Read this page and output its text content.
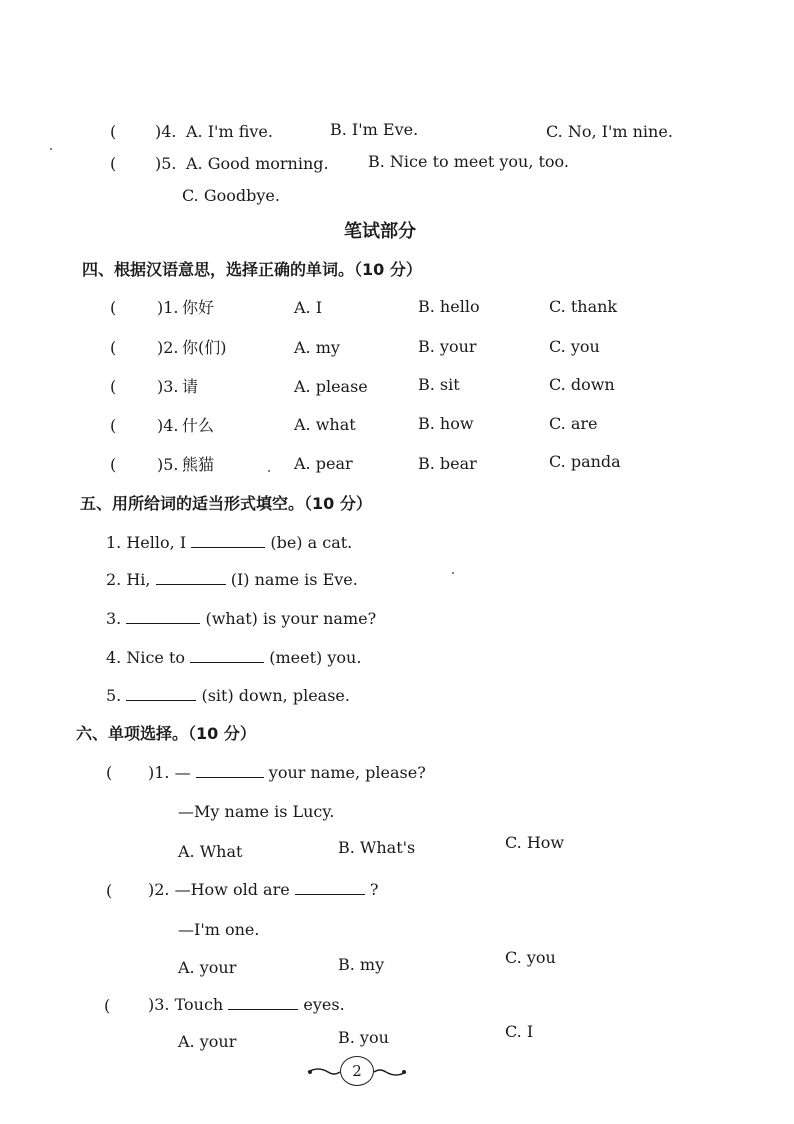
( )4. A. I'm five.	B. I'm Eve.	C. No, I'm nine.
( )5. A. Good morning. B. Nice to meet you, too.
C. Goodbye.
笔试部分
四、根据汉语意思，选择正确的单词。（10 分）
(	)1. 你好	A. I	B. hello	C. thank
(	)2. 你(们)	A. my	B. your	C. you
(	)3. 请	A. please	B. sit	C. down
(	)4. 什么	A. what	B. how	C. are
(	)5. 熊猫	A. pear	B. bear	C. panda
五、用所给词的适当形式填空。（10 分）
1. Hello, I	(be) a cat.
2. Hi,	(I) name is Eve.
3.	(what) is your name?
4. Nice to	(meet) you.
5.	(sit) down, please.
六、单项选择。（10 分）
( )1. —	your name, please?
—My name is Lucy.
A. What	B. What's	C. How
( )2. —How old are	?
—I'm one.
A. your	B. my	C. you
( )3. Touch	eyes.
A. your	B. you	C. I
2
